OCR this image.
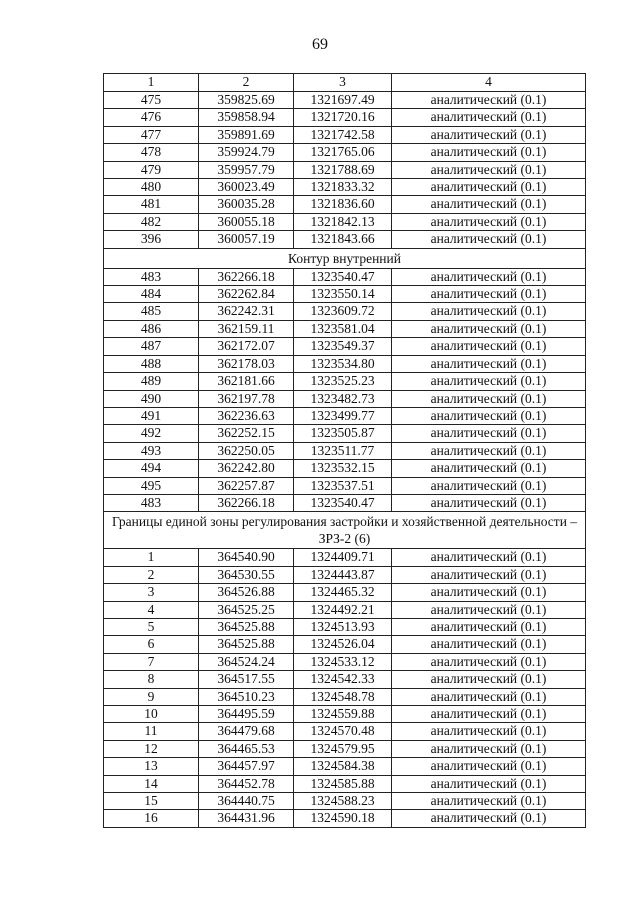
69
1	2	3	4
475	359825.69	1321697.49	аналитический (0.1)
476	359858.94	1321720.16	аналитический (0.1)
477	359891.69	1321742.58	аналитический (0.1)
478	359924.79	1321765.06	аналитический (0.1)
479	359957.79	1321788.69	аналитический (0.1)
480	360023.49	1321833.32	аналитический (0.1)
481	360035.28	1321836.60	аналитический (0.1)
482	360055.18	1321842.13	аналитический (0.1)
396	360057.19	1321843.66	аналитический (0.1)
Контур внутренний			
483	362266.18	1323540.47	аналитический (0.1)
484	362262.84	1323550.14	аналитический (0.1)
485	362242.31	1323609.72	аналитический (0.1)
486	362159.11	1323581.04	аналитический (0.1)
487	362172.07	1323549.37	аналитический (0.1)
488	362178.03	1323534.80	аналитический (0.1)
489	362181.66	1323525.23	аналитический (0.1)
490	362197.78	1323482.73	аналитический (0.1)
491	362236.63	1323499.77	аналитический (0.1)
492	362252.15	1323505.87	аналитический (0.1)
493	362250.05	1323511.77	аналитический (0.1)
494	362242.80	1323532.15	аналитический (0.1)
495	362257.87	1323537.51	аналитический (0.1)
483	362266.18	1323540.47	аналитический (0.1)
Границы единой зоны регулирования застройки и хозяйственной деятельности – ЗРЗ-2 (6)			
1	364540.90	1324409.71	аналитический (0.1)
2	364530.55	1324443.87	аналитический (0.1)
3	364526.88	1324465.32	аналитический (0.1)
4	364525.25	1324492.21	аналитический (0.1)
5	364525.88	1324513.93	аналитический (0.1)
6	364525.88	1324526.04	аналитический (0.1)
7	364524.24	1324533.12	аналитический (0.1)
8	364517.55	1324542.33	аналитический (0.1)
9	364510.23	1324548.78	аналитический (0.1)
10	364495.59	1324559.88	аналитический (0.1)
11	364479.68	1324570.48	аналитический (0.1)
12	364465.53	1324579.95	аналитический (0.1)
13	364457.97	1324584.38	аналитический (0.1)
14	364452.78	1324585.88	аналитический (0.1)
15	364440.75	1324588.23	аналитический (0.1)
16	364431.96	1324590.18	аналитический (0.1)
